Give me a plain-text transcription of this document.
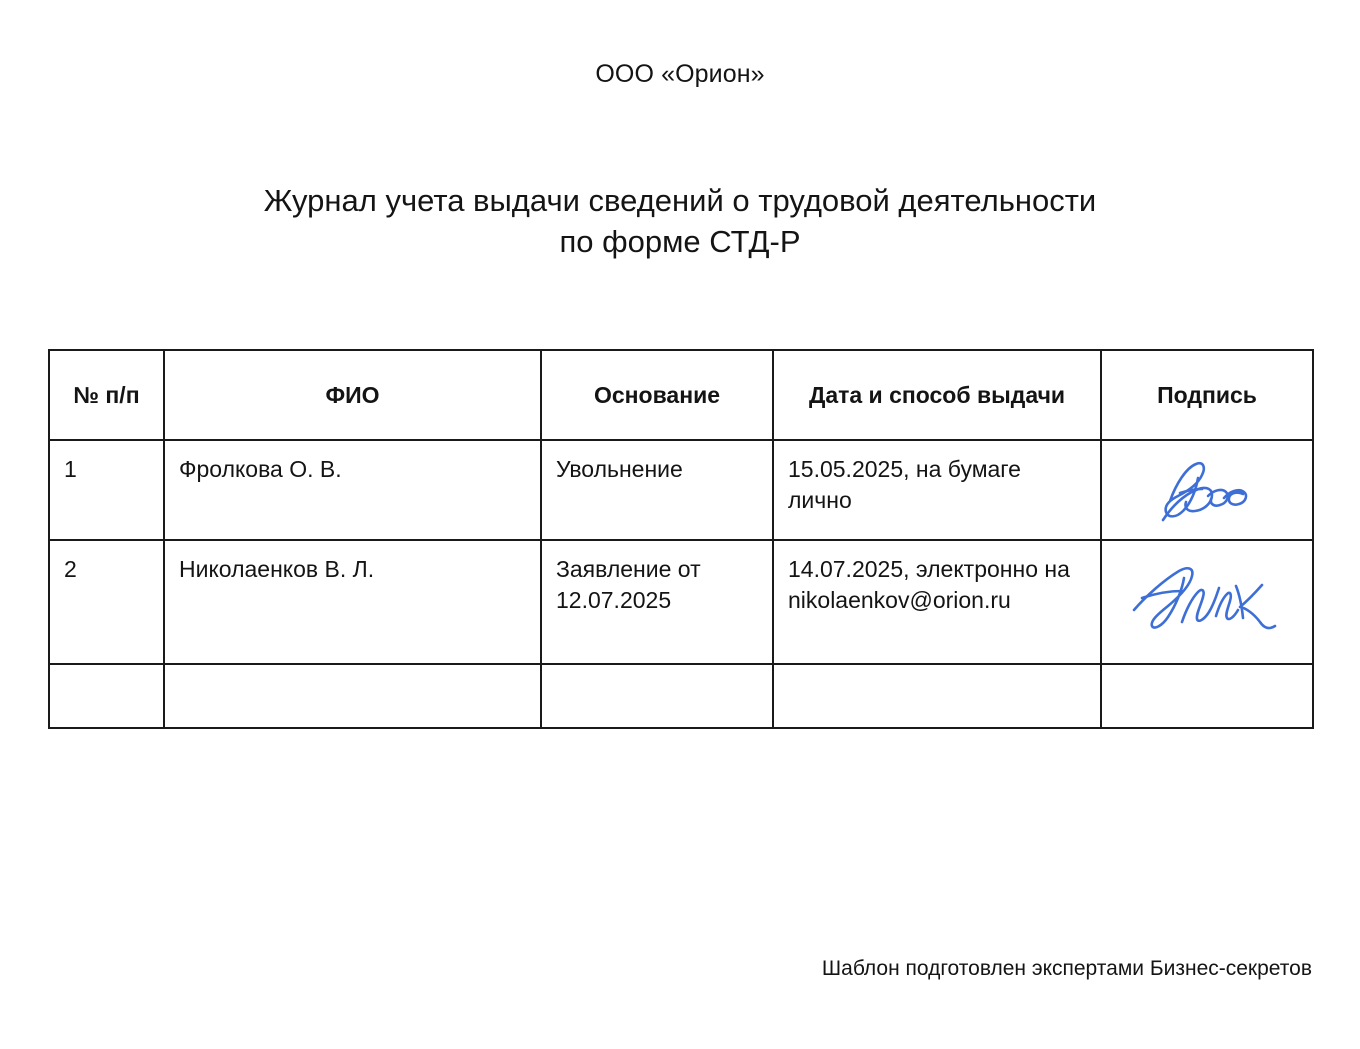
ООО «Орион»
Журнал учета выдачи сведений о трудовой деятельности
по форме СТД-Р
№ п/п	ФИО	Основание	Дата и способ выдачи	Подпись
1	Фролкова О. В.	Увольнение	15.05.2025, на бумаге лично	

2	Николаенков В. Л.	Заявление от 12.07.2025	14.07.2025, электронно на nikolaenkov@orion.ru	

Шаблон подготовлен экспертами Бизнес-секретов
